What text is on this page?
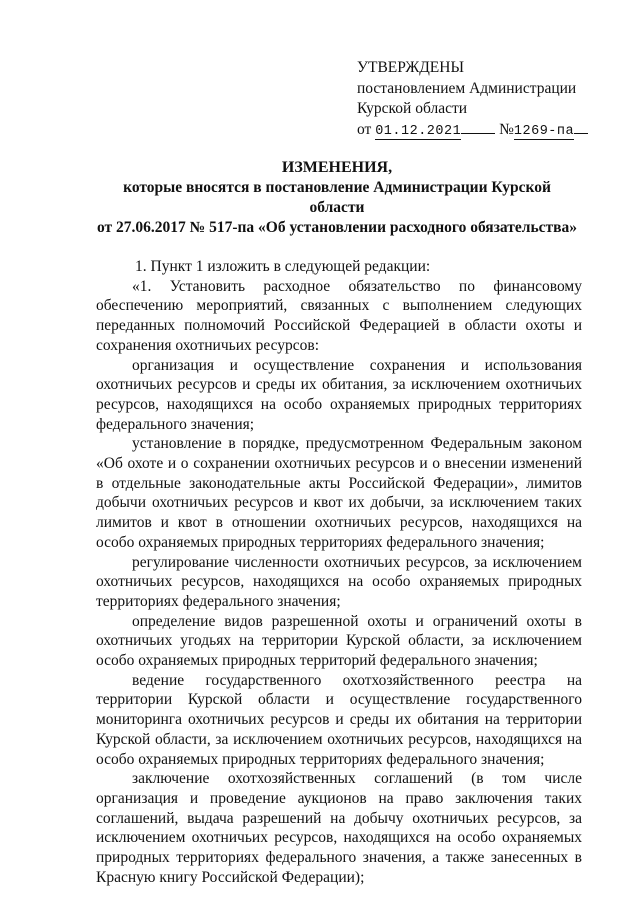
УТВЕРЖДЕНЫ
постановлением Администрации
Курской области
от 01.12.2021 №1269-па
ИЗМЕНЕНИЯ,
которые вносятся в постановление Администрации Курской области
от 27.06.2017 № 517-па «Об установлении расходного обязательства»

1. Пункт 1 изложить в следующей редакции:

«1. Установить расходное обязательство по финансовому обеспечению мероприятий, связанных с выполнением следующих переданных полномочий Российской Федерацией в области охоты и сохранения охотничьих ресурсов:

организация и осуществление сохранения и использования охотничьих ресурсов и среды их обитания, за исключением охотничьих ресурсов, находящихся на особо охраняемых природных территориях федерального значения;

установление в порядке, предусмотренном Федеральным законом «Об охоте и о сохранении охотничьих ресурсов и о внесении изменений в отдельные законодательные акты Российской Федерации», лимитов добычи охотничьих ресурсов и квот их добычи, за исключением таких лимитов и квот в отношении охотничьих ресурсов, находящихся на особо охраняемых природных территориях федерального значения;

регулирование численности охотничьих ресурсов, за исключением охотничьих ресурсов, находящихся на особо охраняемых природных территориях федерального значения;

определение видов разрешенной охоты и ограничений охоты в охотничьих угодьях на территории Курской области, за исключением особо охраняемых природных территорий федерального значения;

ведение государственного охотхозяйственного реестра на территории Курской области и осуществление государственного мониторинга охотничьих ресурсов и среды их обитания на территории Курской области, за исключением охотничьих ресурсов, находящихся на особо охраняемых природных территориях федерального значения;

заключение охотхозяйственных соглашений (в том числе организация и проведение аукционов на право заключения таких соглашений, выдача разрешений на добычу охотничьих ресурсов, за исключением охотничьих ресурсов, находящихся на особо охраняемых природных территориях федерального значения, а также занесенных в Красную книгу Российской Федерации);
